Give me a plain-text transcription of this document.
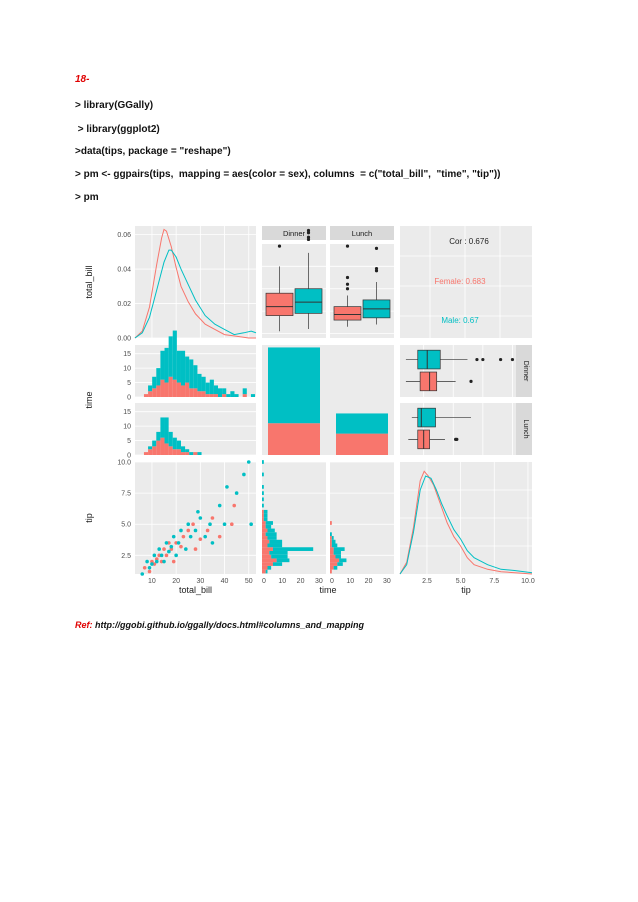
18-

> library(GGally)

> library(ggplot2)

>data(tips, package = "reshape")

> pm <- ggpairs(tips,  mapping = aes(color = sex), columns  = c("total_bill",  "time", "tip"))

> pm

0.06
0.04
0.02
0.00
Dinner	Lunch
Cor : 0.676
Female: 0.683
Male: 0.67
total_bill
15
10
5
0
15
10
5
0
time
Dinner
Lunch
10.0
7.5
5.0
2.5
10 20 30 40 50
total_bill
tip
0 10 20 30 0 10 20 30
time
2.5	5.0	7.5	10.0
tip

Ref: http://ggobi.github.io/ggally/docs.html#columns_and_mapping
